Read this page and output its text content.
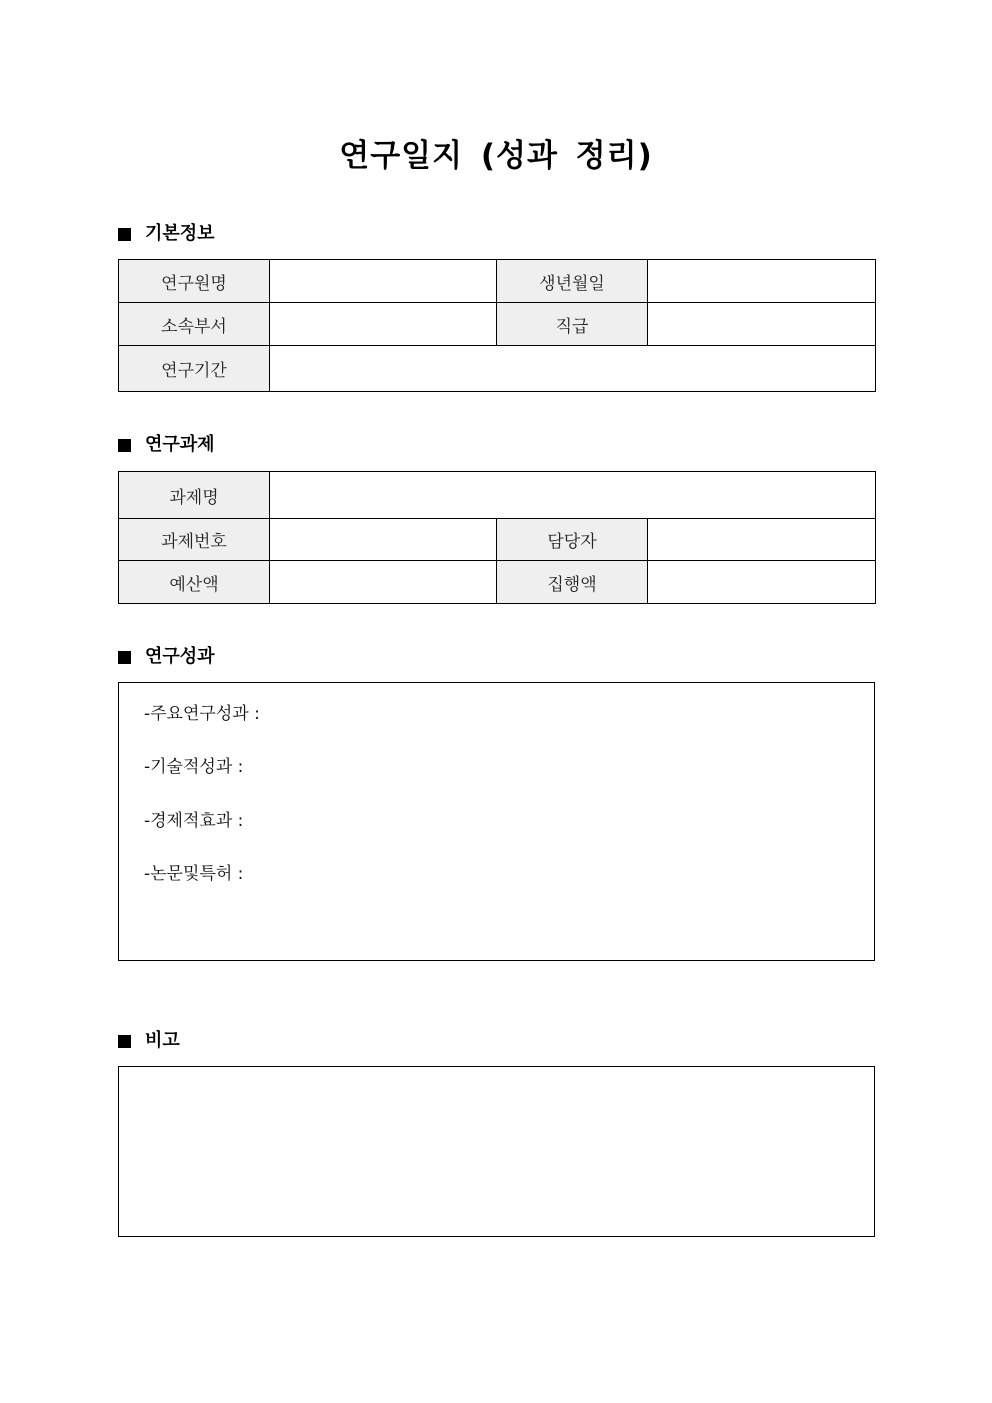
연구일지 (성과 정리)
기본정보
연구원명		생년월일	
소속부서		직급	
연구기간			
연구과제
과제명			
과제번호		담당자	
예산액		집행액	
연구성과
-주요연구성과 :
-기술적성과 :
-경제적효과 :
-논문및특허 :
비고
